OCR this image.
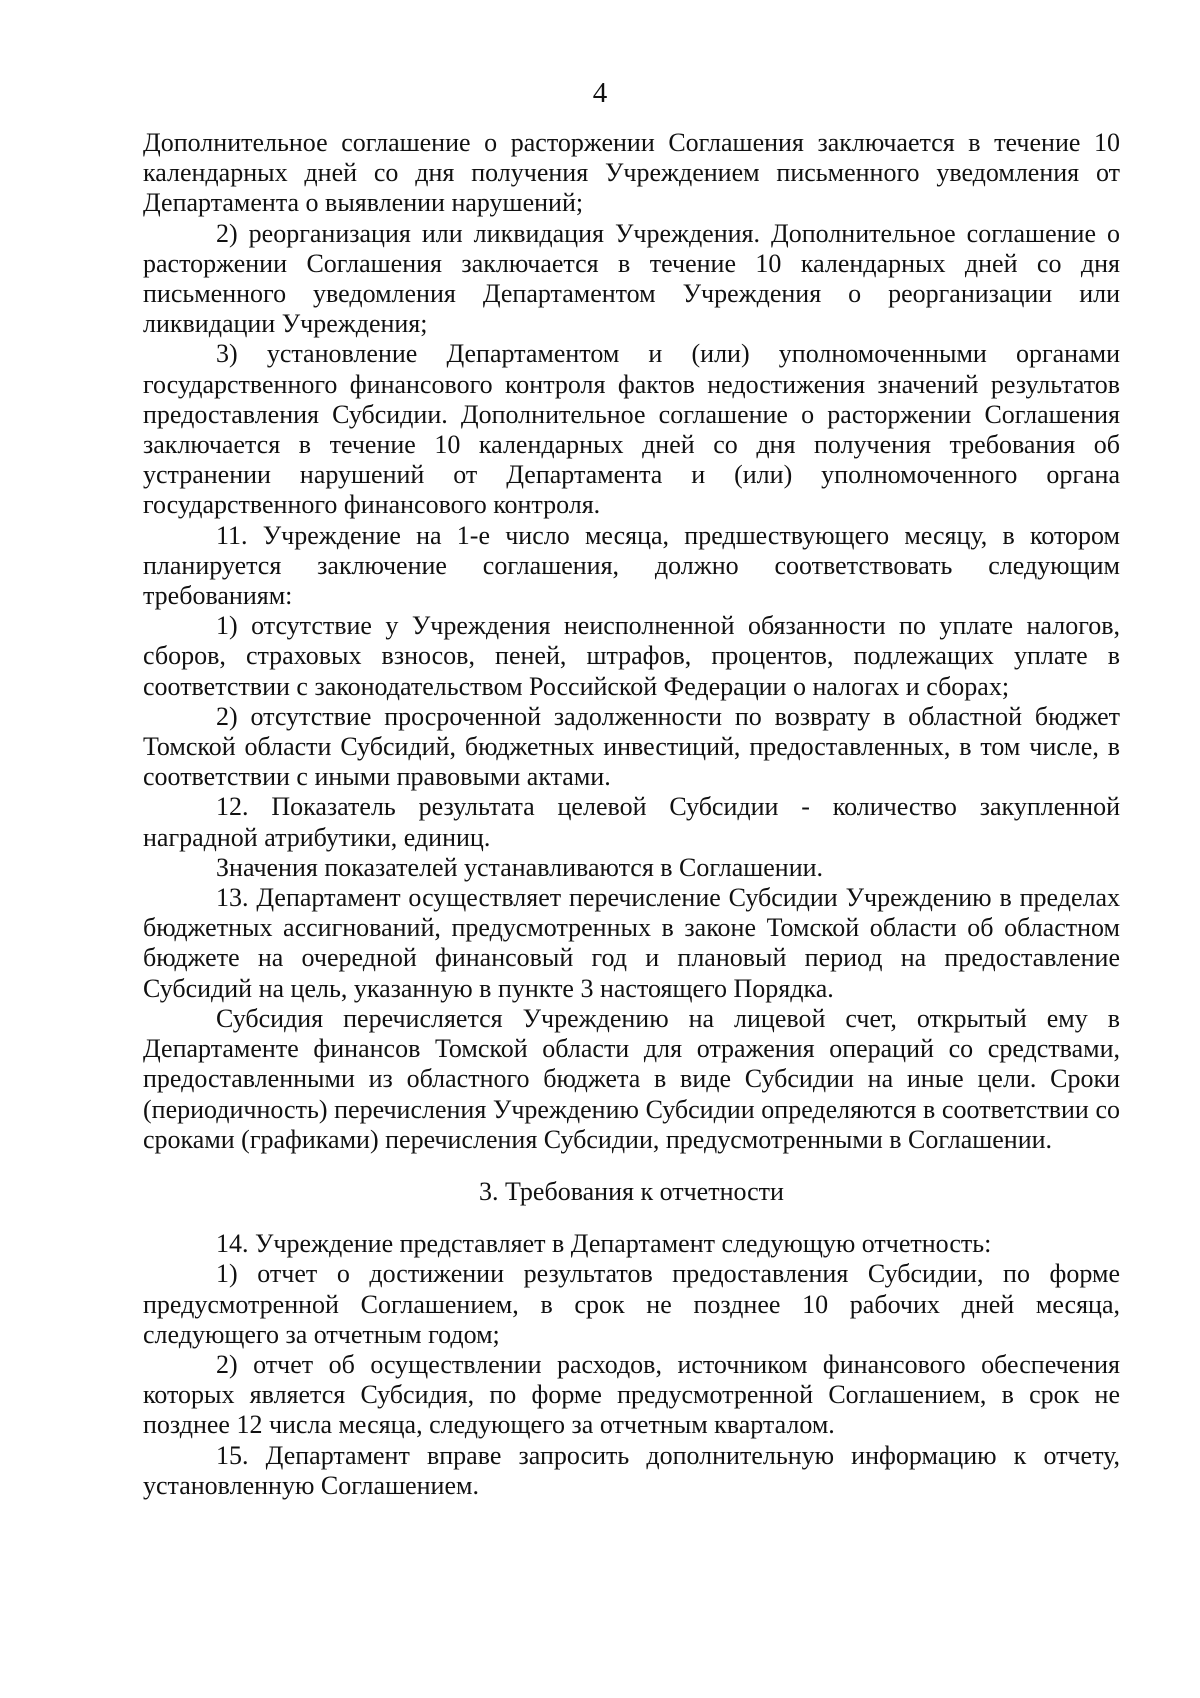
4

Дополнительное соглашение о расторжении Соглашения заключается в течение 10 календарных дней со дня получения Учреждением письменного уведомления от Департамента о выявлении нарушений;

2) реорганизация или ликвидация Учреждения. Дополнительное соглашение о расторжении Соглашения заключается в течение 10 календарных дней со дня письменного уведомления Департаментом Учреждения о реорганизации или ликвидации Учреждения;

3) установление Департаментом и (или) уполномоченными органами государственного финансового контроля фактов недостижения значений результатов предоставления Субсидии. Дополнительное соглашение о расторжении Соглашения заключается в течение 10 календарных дней со дня получения требования об устранении нарушений от Департамента и (или) уполномоченного органа государственного финансового контроля.

11. Учреждение на 1-е число месяца, предшествующего месяцу, в котором планируется заключение соглашения, должно соответствовать следующим требованиям:

1) отсутствие у Учреждения неисполненной обязанности по уплате налогов, сборов, страховых взносов, пеней, штрафов, процентов, подлежащих уплате в соответствии с законодательством Российской Федерации о налогах и сборах;

2) отсутствие просроченной задолженности по возврату в областной бюджет Томской области Субсидий, бюджетных инвестиций, предоставленных, в том числе, в соответствии с иными правовыми актами.

12. Показатель результата целевой Субсидии - количество закупленной наградной атрибутики, единиц.

Значения показателей устанавливаются в Соглашении.

13. Департамент осуществляет перечисление Субсидии Учреждению в пределах бюджетных ассигнований, предусмотренных в законе Томской области об областном бюджете на очередной финансовый год и плановый период на предоставление Субсидий на цель, указанную в пункте 3 настоящего Порядка.

Субсидия перечисляется Учреждению на лицевой счет, открытый ему в Департаменте финансов Томской области для отражения операций со средствами, предоставленными из областного бюджета в виде Субсидии на иные цели. Сроки (периодичность) перечисления Учреждению Субсидии определяются в соответствии со сроками (графиками) перечисления Субсидии, предусмотренными в Соглашении.

3. Требования к отчетности

14. Учреждение представляет в Департамент следующую отчетность:

1) отчет о достижении результатов предоставления Субсидии, по форме предусмотренной Соглашением, в срок не позднее 10 рабочих дней месяца, следующего за отчетным годом;

2) отчет об осуществлении расходов, источником финансового обеспечения которых является Субсидия, по форме предусмотренной Соглашением, в срок не позднее 12 числа месяца, следующего за отчетным кварталом.

15. Департамент вправе запросить дополнительную информацию к отчету, установленную Соглашением.
